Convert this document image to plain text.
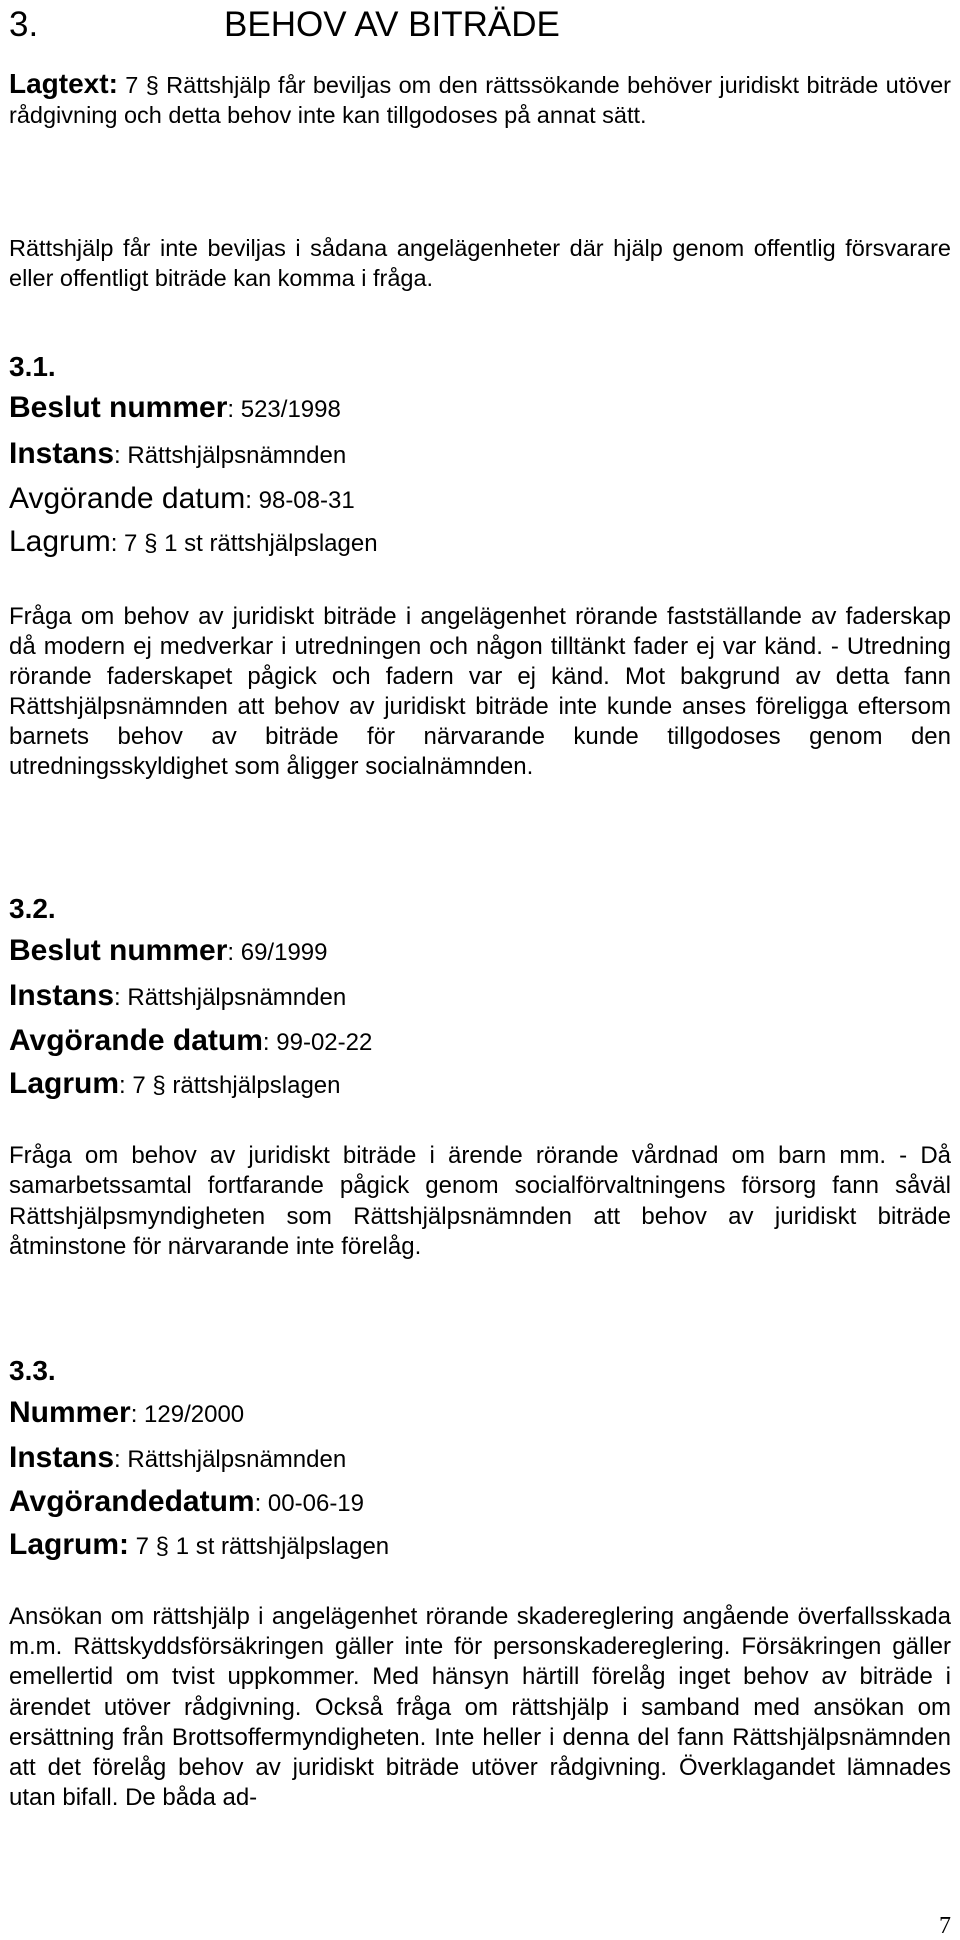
3.	BEHOV AV BITRÄDE
Lagtext: 7 § Rättshjälp får beviljas om den rättssökande behöver juridiskt biträde utöver rådgivning och detta behov inte kan tillgodoses på annat sätt.
Rättshjälp får inte beviljas i sådana angelägenheter där hjälp genom offentlig försvarare eller offentligt biträde kan komma i fråga.
3.1.
Beslut nummer: 523/1998
Instans: Rättshjälpsnämnden
Avgörande datum: 98-08-31
Lagrum: 7 § 1 st rättshjälpslagen
Fråga om behov av juridiskt biträde i angelägenhet rörande fastställande av faderskap då modern ej medverkar i utredningen och någon tilltänkt fader ej var känd. - Utredning rörande faderskapet pågick och fadern var ej känd. Mot bakgrund av detta fann Rättshjälpsnämnden att behov av juridiskt biträde inte kunde anses föreligga eftersom barnets behov av biträde för närvarande kunde tillgodoses genom den utredningsskyldighet som åligger socialnämnden.
3.2.
Beslut nummer: 69/1999
Instans: Rättshjälpsnämnden
Avgörande datum: 99-02-22
Lagrum: 7 § rättshjälpslagen
Fråga om behov av juridiskt biträde i ärende rörande vårdnad om barn mm. - Då samarbetssamtal fortfarande pågick genom socialförvaltningens försorg fann såväl Rättshjälpsmyndigheten som Rättshjälpsnämnden att behov av juridiskt biträde åtminstone för närvarande inte förelåg.
3.3.
Nummer: 129/2000
Instans: Rättshjälpsnämnden
Avgörandedatum: 00-06-19
Lagrum: 7 § 1 st rättshjälpslagen
Ansökan om rättshjälp i angelägenhet rörande skadereglering angående överfallsskada m.m. Rättskyddsförsäkringen gäller inte för personskadereglering. Försäkringen gäller emellertid om tvist uppkommer. Med hänsyn härtill förelåg inget behov av biträde i ärendet utöver rådgivning. Också fråga om rättshjälp i samband med ansökan om ersättning från Brottsoffermyndigheten. Inte heller i denna del fann Rättshjälpsnämnden att det förelåg behov av juridiskt biträde utöver rådgivning. Överklagandet lämnades utan bifall. De båda ad-
7
